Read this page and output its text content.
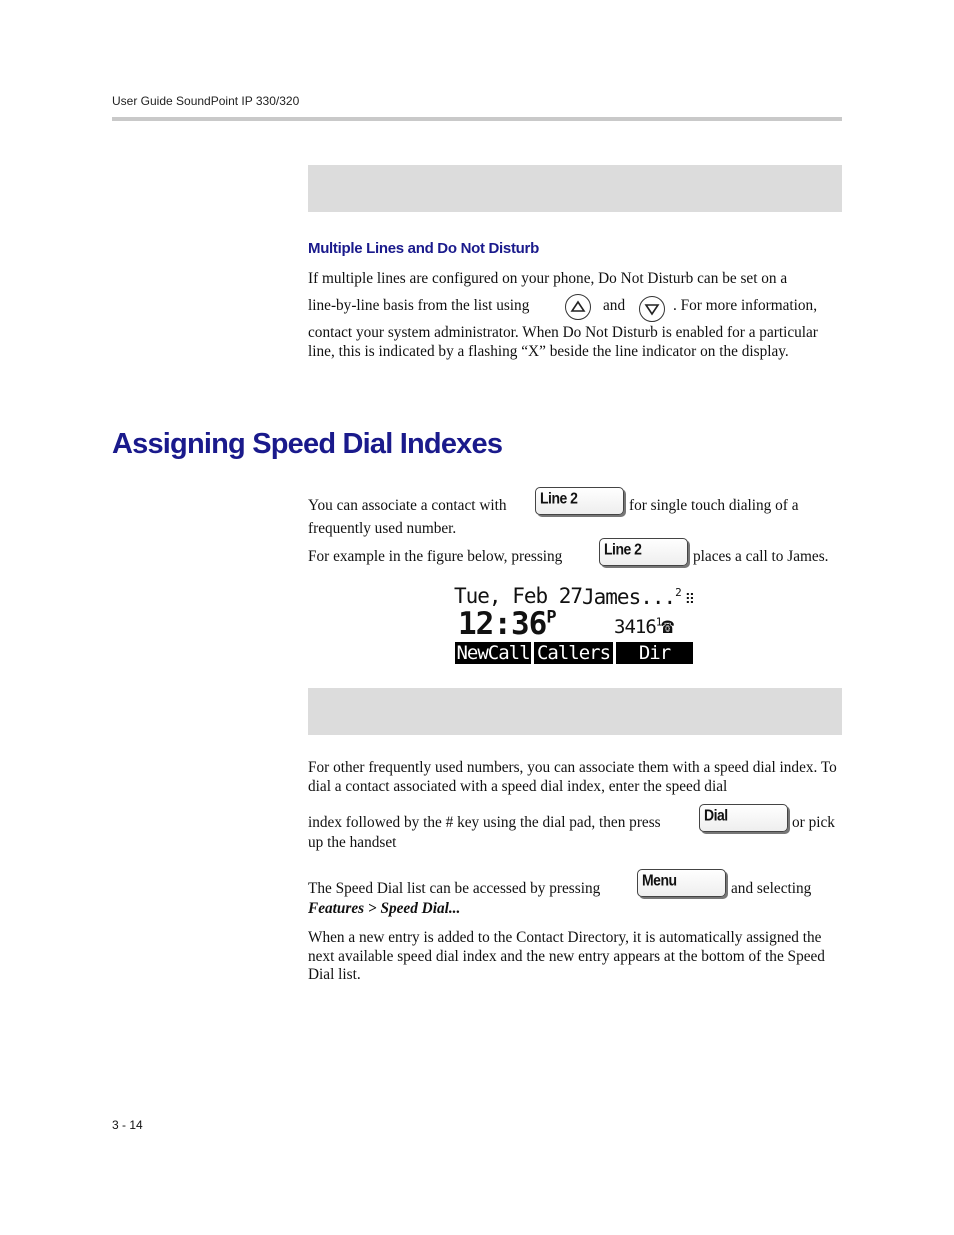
User Guide SoundPoint IP 330/320
Multiple Lines and Do Not Disturb
If multiple lines are configured on your phone, Do Not Disturb can be set on a
line-by-line basis from the list using	and	. For more information,
contact your system administrator. When Do Not Disturb is enabled for a particular line, this is indicated by a flashing “X” beside the line indicator on the display.
Assigning Speed Dial Indexes
You can associate a contact with Line 2	for single touch dialing of a
frequently used number.
For example in the figure below, pressing	Line 2	places a call to James.
Tue, Feb 27 James...$^2$ ⠿
$12:36^P$	3416$^1$☎
NewCall Callers	Dir
For other frequently used numbers, you can associate them with a speed dial index. To dial a contact associated with a speed dial index, enter the speed dial
index followed by the # key using the dial pad, then press	Dial	or pick
up the handset
The Speed Dial list can be accessed by pressing	Menu	and selecting
Features > Speed Dial...
When a new entry is added to the Contact Directory, it is automatically assigned the next available speed dial index and the new entry appears at the bottom of the Speed Dial list.
3 - 14
